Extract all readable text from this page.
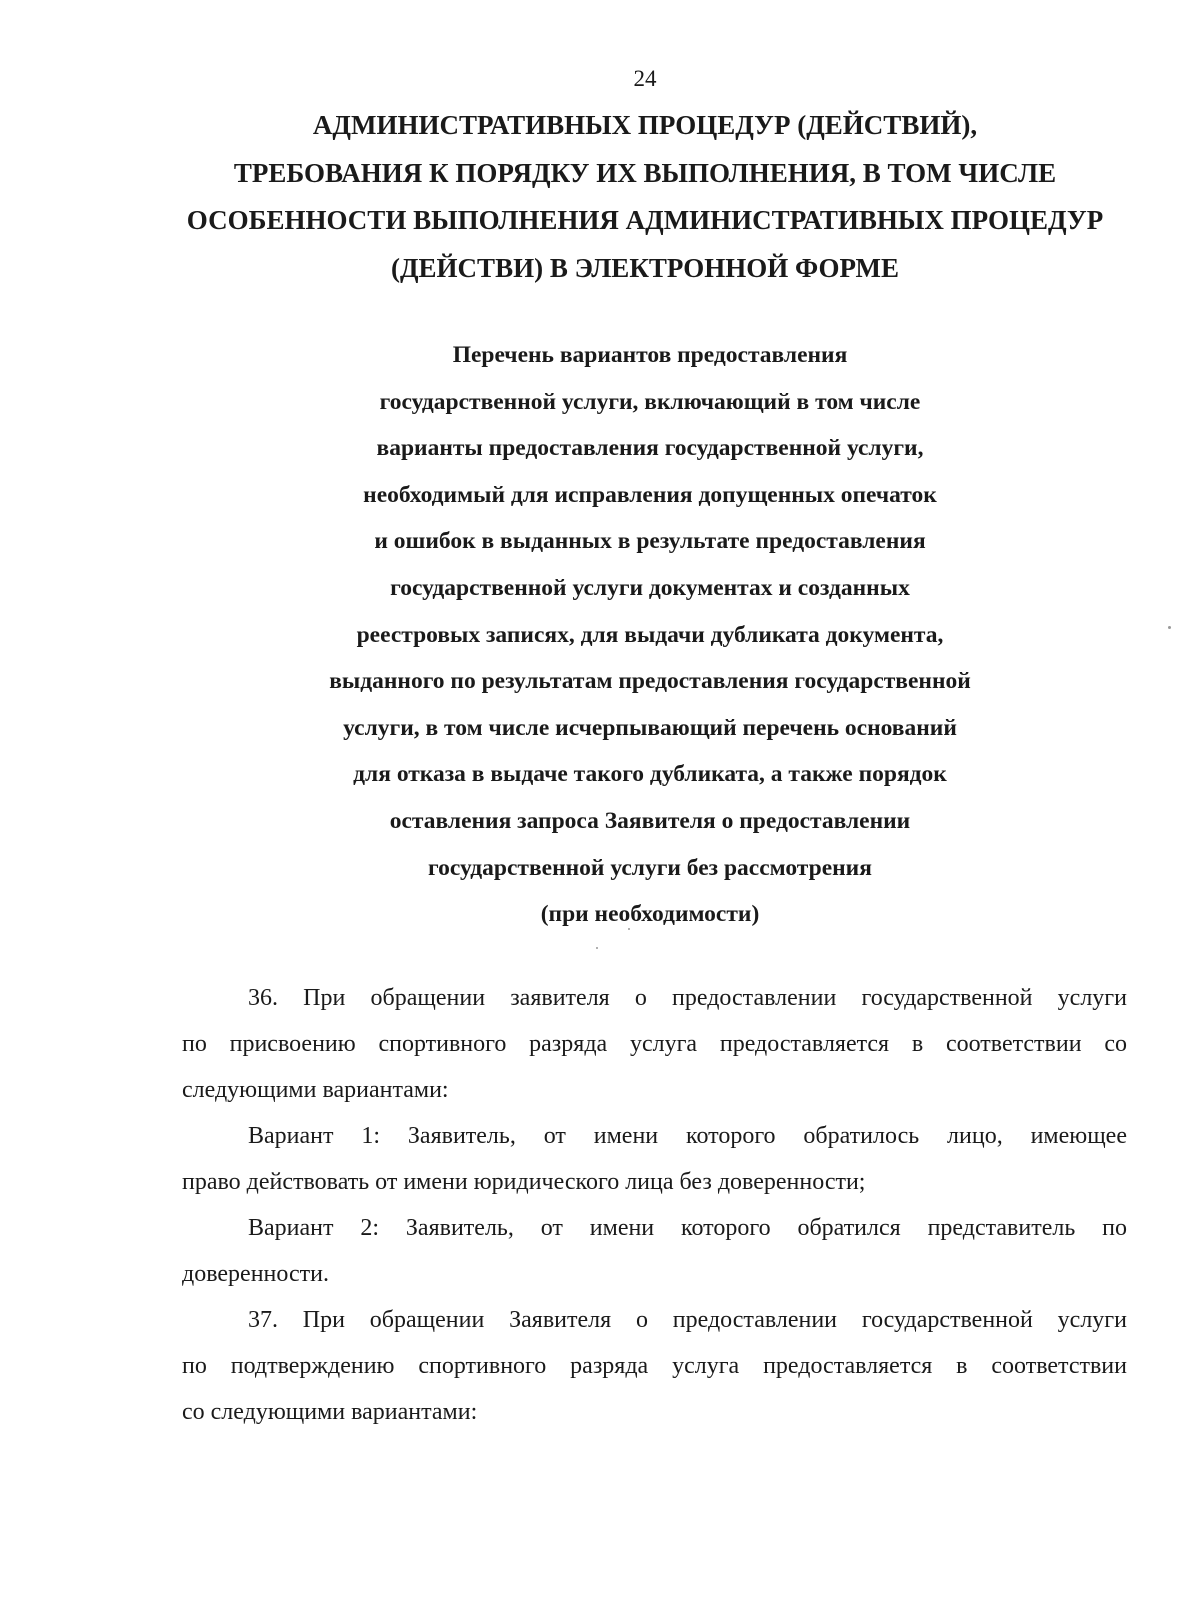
24
АДМИНИСТРАТИВНЫХ ПРОЦЕДУР (ДЕЙСТВИЙ),
ТРЕБОВАНИЯ К ПОРЯДКУ ИХ ВЫПОЛНЕНИЯ, В ТОМ ЧИСЛЕ
ОСОБЕННОСТИ ВЫПОЛНЕНИЯ АДМИНИСТРАТИВНЫХ ПРОЦЕДУР
(ДЕЙСТВИ) В ЭЛЕКТРОННОЙ ФОРМЕ
Перечень вариантов предоставления
государственной услуги, включающий в том числе
варианты предоставления государственной услуги,
необходимый для исправления допущенных опечаток
и ошибок в выданных в результате предоставления
государственной услуги документах и созданных
реестровых записях, для выдачи дубликата документа,
выданного по результатам предоставления государственной
услуги, в том числе исчерпывающий перечень оснований
для отказа в выдаче такого дубликата, а также порядок
оставления запроса Заявителя о предоставлении
государственной услуги без рассмотрения
(при необходимости)
36. При обращении заявителя о предоставлении государственной услуги
по присвоению спортивного разряда услуга предоставляется в соответствии со
следующими вариантами:
Вариант 1: Заявитель, от имени которого обратилось лицо, имеющее
право действовать от имени юридического лица без доверенности;
Вариант 2: Заявитель, от имени которого обратился представитель по
доверенности.
37. При обращении Заявителя о предоставлении государственной услуги
по подтверждению спортивного разряда услуга предоставляется в соответствии
со следующими вариантами:
